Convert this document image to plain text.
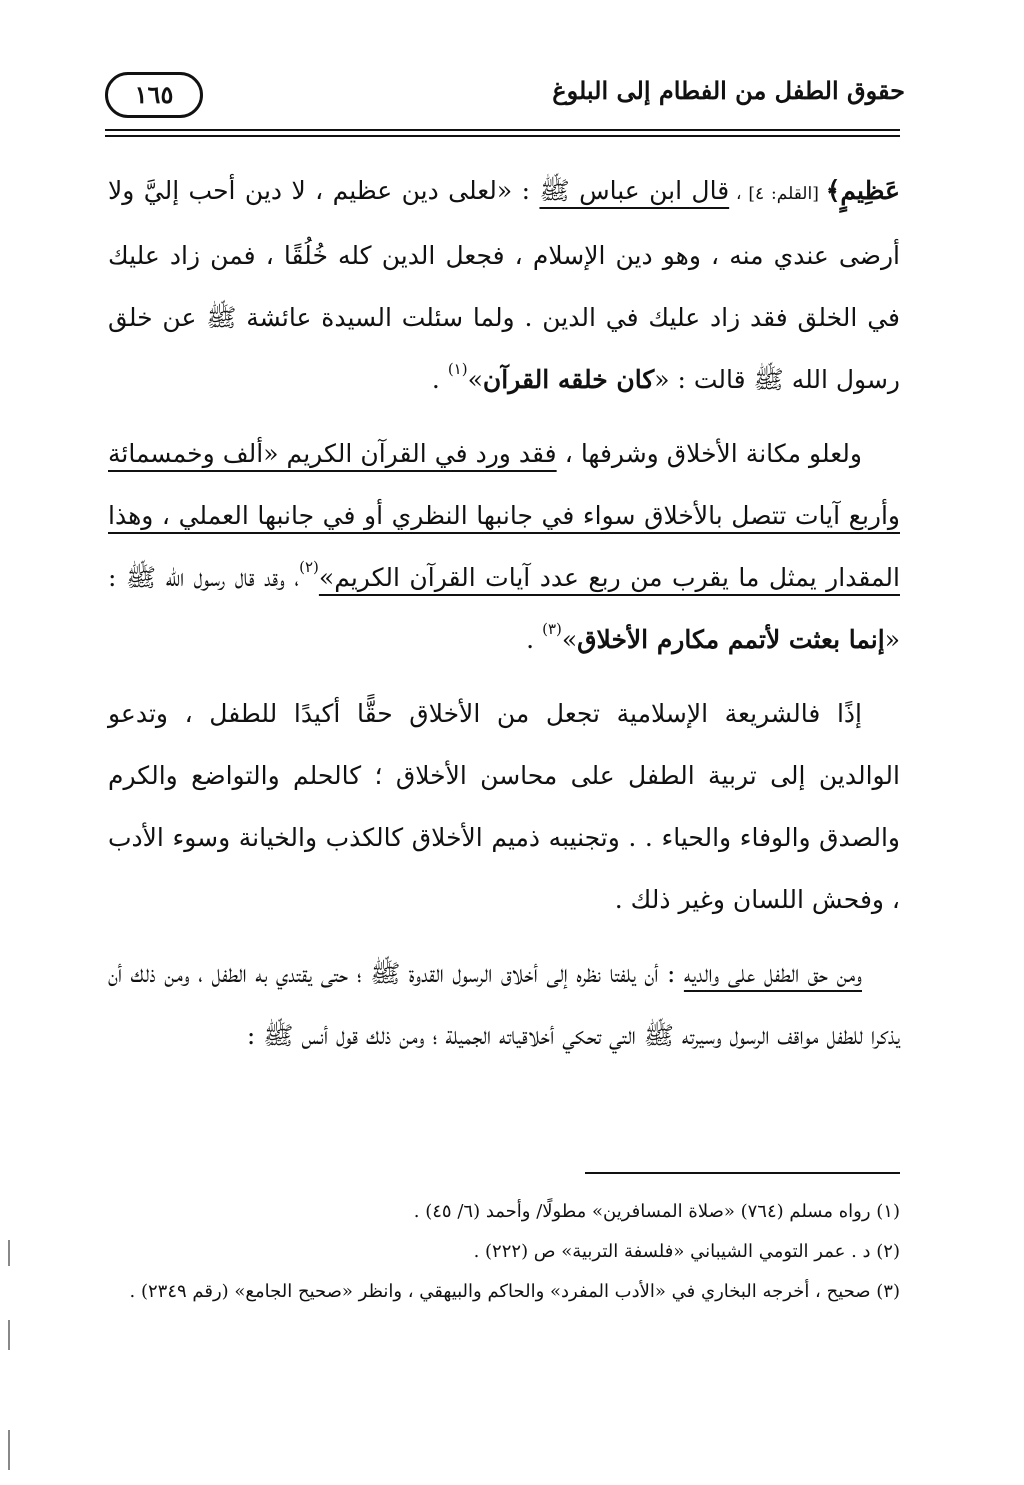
حقوق الطفل من الفطام إلى البلوغ
١٦٥

عَظِيمٍ﴾ [القلم: ٤] ، قال ابن عباس ﷺ : «لعلى دين عظيم ، لا دين أحب إليَّ ولا أرضى عندي منه ، وهو دين الإسلام ، فجعل الدين كله خُلُقًا ، فمن زاد عليك في الخلق فقد زاد عليك في الدين . ولما سئلت السيدة عائشة ﷺ عن خلق رسول الله ﷺ قالت : «كان خلقه القرآن»$^{(١)}$ .

ولعلو مكانة الأخلاق وشرفها ، فقد ورد في القرآن الكريم «ألف وخمسمائة وأربع آيات تتصل بالأخلاق سواء في جانبها النظري أو في جانبها العملي ، وهذا المقدار يمثل ما يقرب من ربع عدد آيات القرآن الكريم»$^{(٢)}$، وقد قال رسول الله ﷺ : «إنما بعثت لأتمم مكارم الأخلاق»$^{(٣)}$ .

إذًا فالشريعة الإسلامية تجعل من الأخلاق حقًّا أكيدًا للطفل ، وتدعو الوالدين إلى تربية الطفل على محاسن الأخلاق ؛ كالحلم والتواضع والكرم والصدق والوفاء والحياء . . وتجنيبه ذميم الأخلاق كالكذب والخيانة وسوء الأدب ، وفحش اللسان وغير ذلك .

ومن حق الطفل على والديه : أن يلفتا نظره إلى أخلاق الرسول القدوة ﷺ ؛ حتى يقتدي به الطفل ، ومن ذلك أن يذكرا للطفل مواقف الرسول وسيرته ﷺ التي تحكي أخلاقياته الجميلة ؛ ومن ذلك قول أنس ﷺ :

(١) رواه مسلم (٧٦٤) «صلاة المسافرين» مطولًا/ وأحمد (٦/ ٤٥) .

(٢) د . عمر التومي الشيباني «فلسفة التربية» ص (٢٢٢) .

(٣) صحيح ، أخرجه البخاري في «الأدب المفرد» والحاكم والبيهقي ، وانظر «صحيح الجامع» (رقم ٢٣٤٩) .
